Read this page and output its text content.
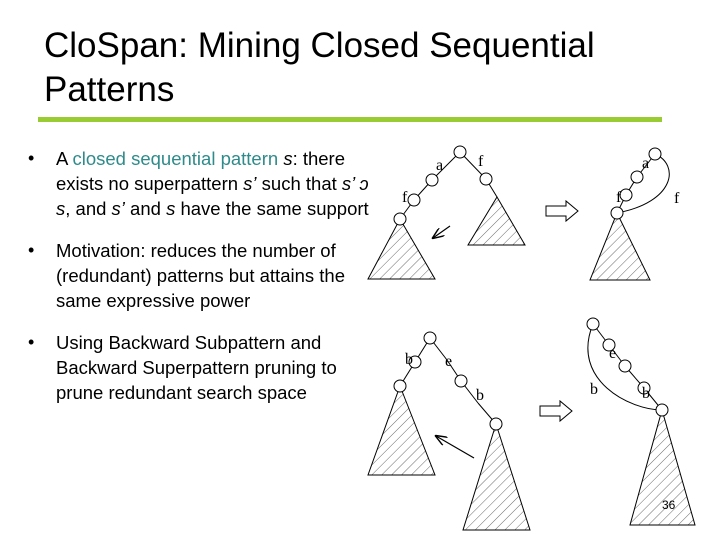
CloSpan: Mining Closed Sequential Patterns
• A closed sequential pattern s: there exists no superpattern s’ such that s’ ͻ s, and s’ and s have the same support
• Motivation: reduces the number of (redundant) patterns but attains the same expressive power
• Using Backward Subpattern and Backward Superpattern pruning to prune redundant search space
a f
f
a
f	f
b e
b
e
b	b
36
